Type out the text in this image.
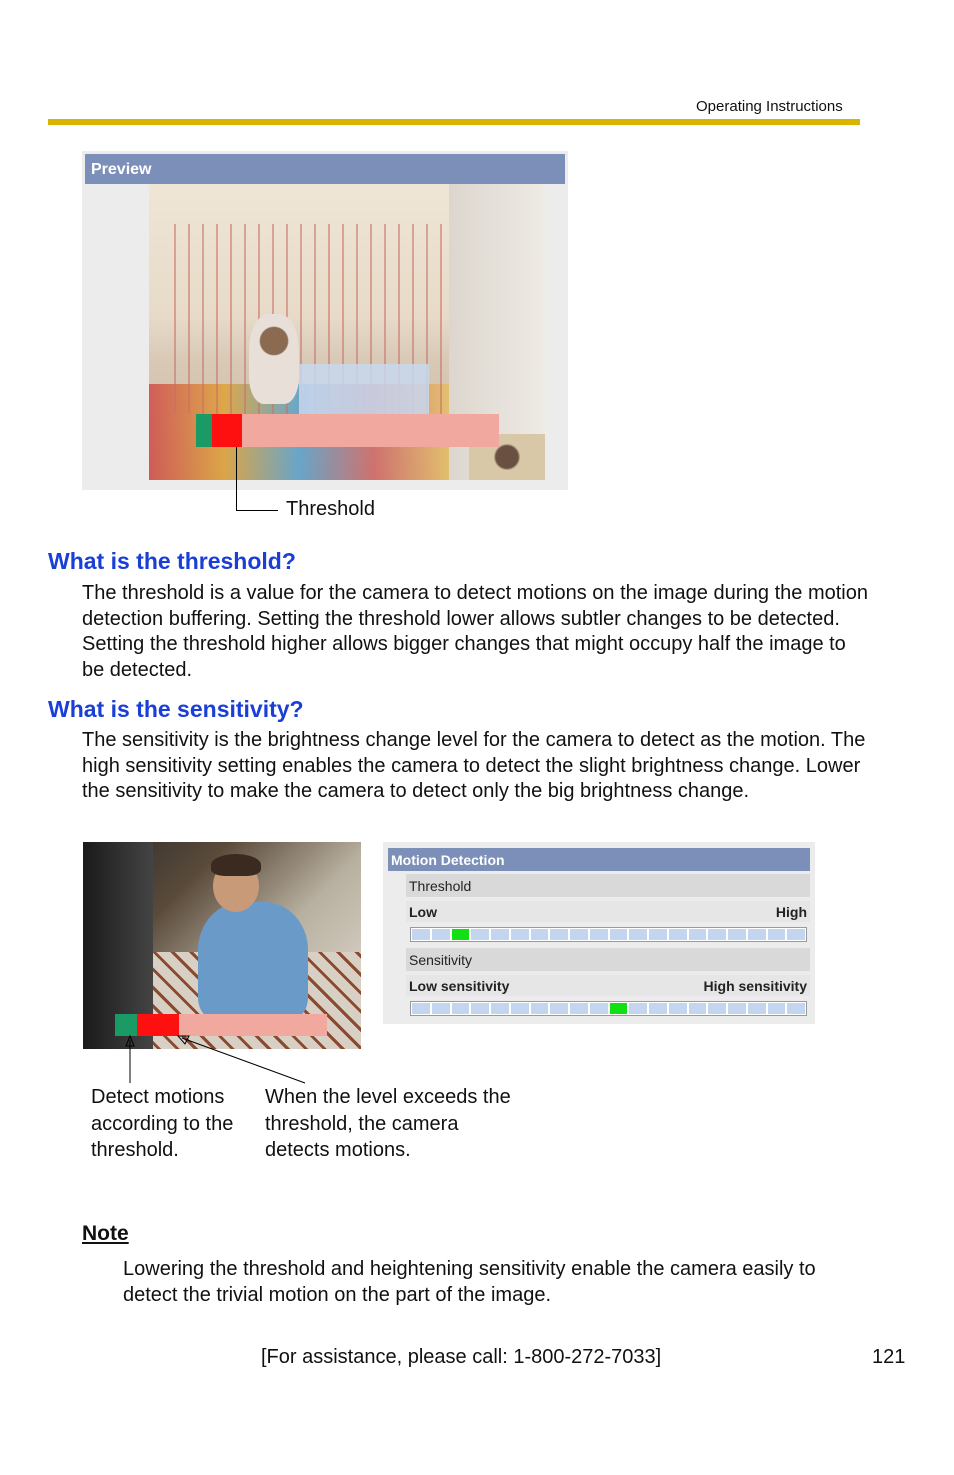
Operating Instructions
Preview
Threshold
What is the threshold?
The threshold is a value for the camera to detect motions on the image during the motion detection buffering. Setting the threshold lower allows subtler changes to be detected. Setting the threshold higher allows bigger changes that might occupy half the image to be detected.
What is the sensitivity?
The sensitivity is the brightness change level for the camera to detect as the motion. The high sensitivity setting enables the camera to detect the slight brightness change. Lower the sensitivity to make the camera to detect only the big brightness change.
Motion Detection
Threshold
Low	High
Sensitivity
Low sensitivity	High sensitivity
Detect motions according to the threshold.
When the level exceeds the threshold, the camera detects motions.
Note
Lowering the threshold and heightening sensitivity enable the camera easily to detect the trivial motion on the part of the image.
[For assistance, please call: 1-800-272-7033]	121
